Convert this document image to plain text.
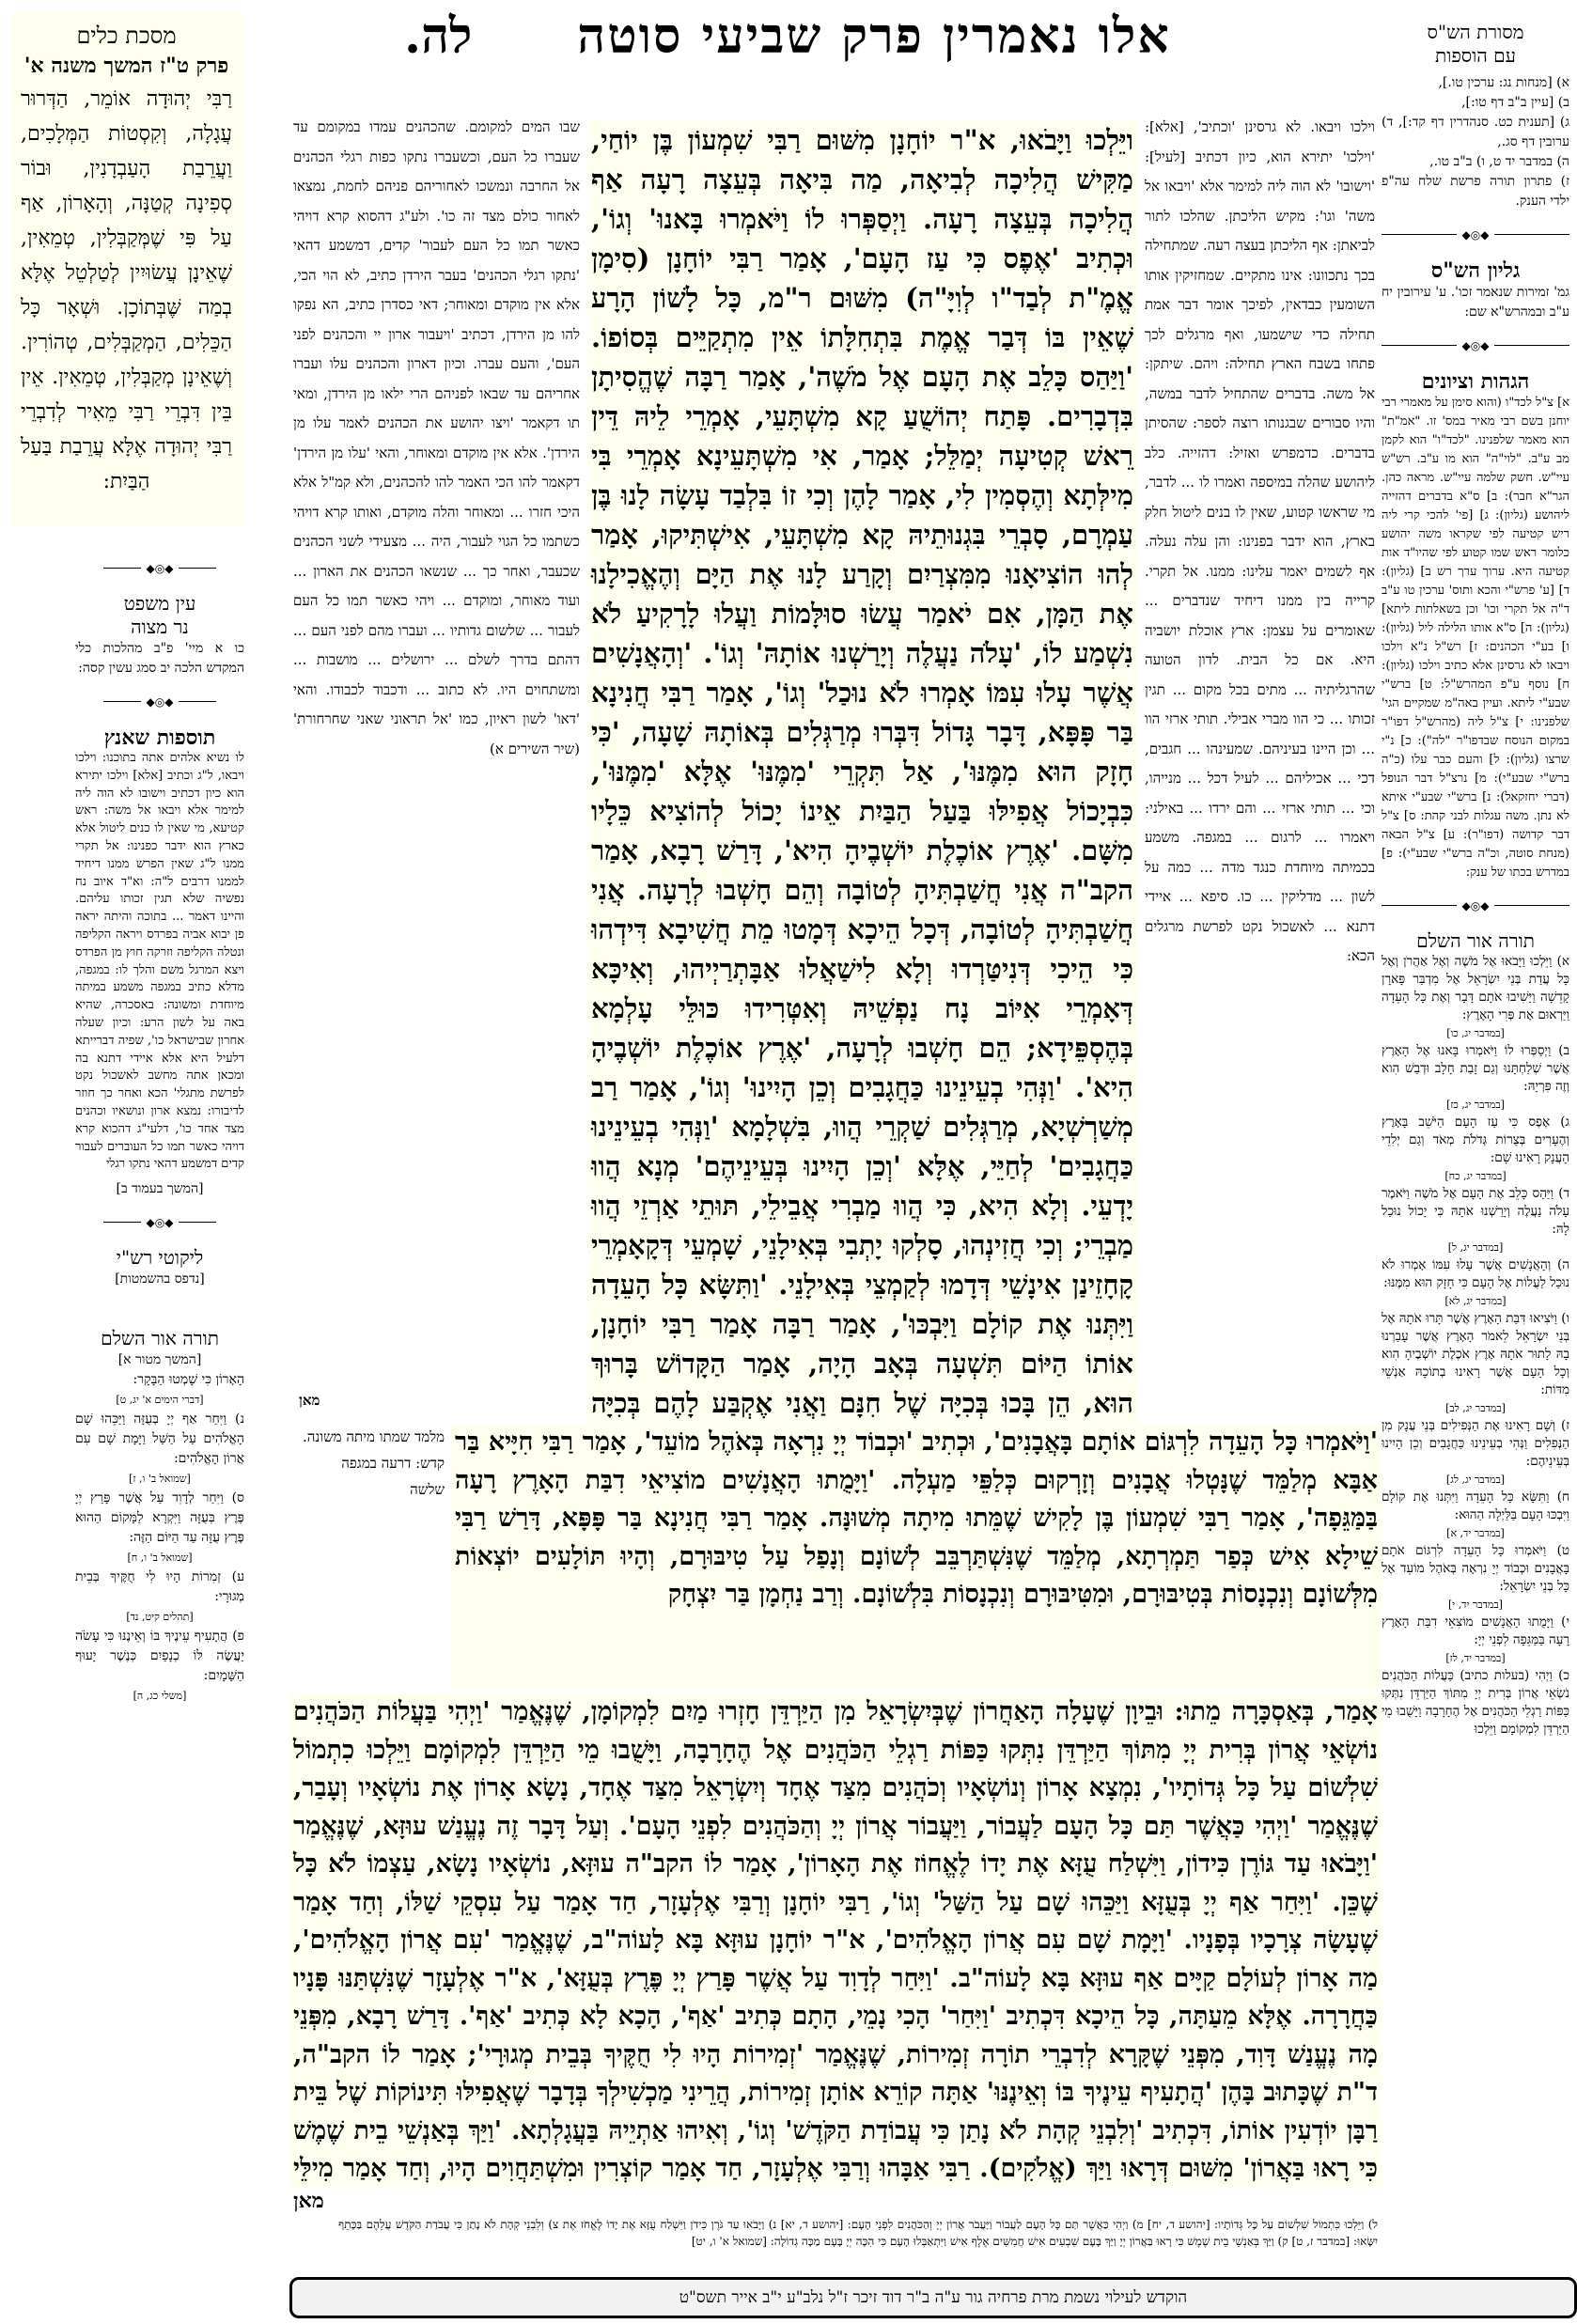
אלו נאמרין פרק שביעי סוטה
לה.	מסורת הש"ס
עם הוספות
א) [מנחות נג: ערכין טו.],
ב) [עיין ב"ב דף טו:],
ג) [תענית כט. סנהדרין דף קד:], ד) ערובין דף סג.,
ה) במדבר יד ט, ו) ב"ב טו.,
ז) פתרון תורה פרשת שלח עה"פ ילדי הענק.
◆◎◆
גליון הש"ס
גמ' זמירות שנאמר זכו'. ע' עירובין יח ע"ב ובמהרש"א שם:
◆◎◆
הגהות וציונים
א] צ"ל לכד"ו (והוא סימן על מאמרי רבי יוחנן בשם רבי מאיר במס' זו. "אמ"ת" הוא מאמר שלפנינו. "לכד"ו" הוא לקמן מב ע"ב. "לוי"ה" הוא מו ע"ב. רש"ש עיי"ש. חשק שלמה עיי"ש. מראה כהן. הגר"א חבר): ב] ס"א בדברים דהזייה ליהושע (גליון): ג] [פי' להכי קרי ליה ריש קטיעה לפי שקראו משה יהושע כלומר ראש שמו קטוע לפי שהיו"ד אות קטיעה היא. ערוך ערך רש ב] (גליון): ד] [ע' פרש"י והכא ותוס' ערכין טו ע"ב ד"ה אל תקרי וכו' וכן בשאלתות ליתא] (גליון): ה] ס"א אותו הלילה ליל (גליון): ו] בע"י הכהנים: ז] רש"ל נ"א וילכו ויבאו לא גרסינן אלא כתיב וילכו (גליון): ח] נוסף ע"פ המהרש"ל: ט] ברש"י שבע"י ליתא. ועיין באה"מ שמקיים הגי' שלפנינו: י] צ"ל ליה (מהרש"ל דפו"ר במקום הנוסח שבדפו"ר "לה"): כ] נ"י שרצו (גליון): ל] והעם כבר עלו (כ"ה ברש"י שבע"י): מ] נרצ"ל דבר הנופל (דברי יחזקאל): נ] ברש"י שבע"י איתא לא נתן. משה עגלות לבני קהת: ס] צ"ל דבר קדושה (דפו"ר): ע] צ"ל הבאה (מנחת סוטה, וכ"ה ברש"י שבע"י): פ] במדרש בכתו של ענק:
◆◎◆
תורה אור השלם
א) וַיֵּלְכוּ וַיָּבֹאוּ אֶל מֹשֶׁה וְאֶל אַהֲרֹן וְאֶל כָּל עֲדַת בְּנֵי יִשְׂרָאֵל אֶל מִדְבַּר פָּארָן קָדֵשָׁה וַיָּשִׁיבוּ אֹתָם דָּבָר וְאֶת כָּל הָעֵדָה וַיַּרְאוּם אֶת פְּרִי הָאָרֶץ:
[במדבר יג, כו]
ב) וַיְסַפְּרוּ לוֹ וַיֹּאמְרוּ בָּאנוּ אֶל הָאָרֶץ אֲשֶׁר שְׁלַחְתָּנוּ וְגַם זָבַת חָלָב וּדְבַשׁ הִוא וְזֶה פִּרְיָהּ:
[במדבר יג, כז]
ג) אֶפֶס כִּי עַז הָעָם הַיֹּשֵׁב בָּאָרֶץ וְהֶעָרִים בְּצֻרוֹת גְּדֹלֹת מְאֹד וְגַם יְלִדֵי הָעֲנָק רָאִינוּ שָׁם:
[במדבר יג, כח]
ד) וַיַּהַס כָּלֵב אֶת הָעָם אֶל מֹשֶׁה וַיֹּאמֶר עָלֹה נַעֲלֶה וְיָרַשְׁנוּ אֹתָהּ כִּי יָכוֹל נוּכַל לָהּ:
[במדבר יג, ל]
ה) וְהָאֲנָשִׁים אֲשֶׁר עָלוּ עִמּוֹ אָמְרוּ לֹא נוּכַל לַעֲלוֹת אֶל הָעָם כִּי חָזָק הוּא מִמֶּנּוּ:
[במדבר יג, לא]
ו) וַיֹּצִיאוּ דִּבַּת הָאָרֶץ אֲשֶׁר תָּרוּ אֹתָהּ אֶל בְּנֵי יִשְׂרָאֵל לֵאמֹר הָאָרֶץ אֲשֶׁר עָבַרְנוּ בָהּ לָתוּר אֹתָהּ אֶרֶץ אֹכֶלֶת יוֹשְׁבֶיהָ הִוא וְכָל הָעָם אֲשֶׁר רָאִינוּ בְתוֹכָהּ אַנְשֵׁי מִדּוֹת:
[במדבר יג, לב]
ז) וְשָׁם רָאִינוּ אֶת הַנְּפִילִים בְּנֵי עֲנָק מִן הַנְּפִלִים וַנְּהִי בְעֵינֵינוּ כַּחֲגָבִים וְכֵן הָיִינוּ בְּעֵינֵיהֶם:
[במדבר יג, לג]
ח) וַתִּשָּׂא כָּל הָעֵדָה וַיִּתְּנוּ אֶת קוֹלָם וַיִּבְכּוּ הָעָם בַּלַּיְלָה הַהוּא:
[במדבר יד, א]
ט) וַיֹּאמְרוּ כָּל הָעֵדָה לִרְגּוֹם אֹתָם בָּאֲבָנִים וּכְבוֹד יְיָ נִרְאָה בְּאֹהֶל מוֹעֵד אֶל כָּל בְּנֵי יִשְׂרָאֵל:
[במדבר יד, י]
י) וַיָּמֻתוּ הָאֲנָשִׁים מוֹצִאֵי דִבַּת הָאָרֶץ רָעָה בַּמַּגֵּפָה לִפְנֵי יְיָ:
[במדבר יד, לז]
כ) וַיְהִי (בעלות כתיב) כַּעֲלוֹת הַכֹּהֲנִים נֹשְׂאֵי אֲרוֹן בְּרִית יְיָ מִתּוֹךְ הַיַּרְדֵּן נִתְּקוּ כַּפּוֹת רַגְלֵי הַכֹּהֲנִים אֶל הֶחָרָבָה וַיָּשֻׁבוּ מֵי הַיַּרְדֵּן לִמְקוֹמָם וַיֵּלְכוּ
וילכו ויבאו. לא גרסינן 'וכתיב', [אלא]: 'וילכו' יתירא הוא, כיון דכתיב [לעיל]: 'וישובו' לא הוה ליה למימר אלא 'ויבאו אל משה' וגו': מקיש הליכתן. שהלכו לתור לביאתן: אף הליכתן בעצה רעה. שמתחילה בכך נתכוונו: אינו מתקיים. שמחזיקין אותו השומעין כבדאין, לפיכך אומר דבר אמת תחילה כדי שישמעו, ואף מרגלים לכך פתחו בשבח הארץ תחילה: ויהם. שיתקן: אל משה. בדברים שהתחיל לדבר במשה, והיו סבורים שבגנותו רוצה לספר: שהסיתן בדברים. כדמפרש ואזיל: דהזייה. כלב ליהושע שהלה במיספה ואמרו לו ... לדבר, מי שראשו קטוע, שאין לו בנים ליטול חלק בארץ, הוא ידבר בפנינו: והן עלה נעלה. אף לשמים יאמר עלינו: ממנו. אל תקרי. קרייה בין ממנו דיחיד שנדברים ... שאומרים על עצמן: ארץ אוכלת יושביה היא. אם כל הבית. לדון הטועה שהרגליתיה ... מתים בכל מקום ... תגין זכותו ... כי הוו מברי אבילי. תותי ארזי הוו ... וכן היינו בעיניהם. שמעינהו ... חגבים, דכי ... אכיליהם ... לעיל דכל ... מנייהו, וכי ... תותי ארזי ... והם ירדו ... באילני: ויאמרו ... לרגום ... במגפה. משמע בכמיתה מיוחדת כנגד מדה ... כמה על לשון ... מדליקין ... כו. סיפא ... איידי דתנא ... לאשכול נקט לפרשת מרגלים הכא:
שבו המים למקומם. שהכהנים עמדו במקומם עד שעברו כל העם, וכשעברו נתקו כפות רגלי הכהנים אל החרבה ונמשכו לאחוריהם פניהם לחמת, נמצאו לאחור כולם מצד זה כו'. ולע"ג דהסוא קרא דויהי כאשר תמו כל העם לעבור' קדים, דמשמע דהאי 'נתקו רגלי הכהנים' בעבר הירדן כתיב, לא הוי הכי, אלא אין מוקדם ומאוחר; דאי כסדרן כתיב, הא נפקו להו מן הירדן, דכתיב 'ויעבור ארון יי והכהנים לפני העם', והעם עברו. וכיון דארון והכהנים עלו ועברו אחריהם עד שבאו לפניהם הרי ילאו מן הירדן, ומאי תו דקאמר 'ויצו יהושע את הכהנים לאמר עלו מן הירדן'. אלא אין מוקדם ומאוחר, והאי 'עלו מן הירדן' דקאמר להו הכי האמר להו להכהנים, ולא קמ"ל אלא היכי חזרו ... ומאוחר והלה מוקדם, ואותו קרא דויהי כשתמו כל הגוי לעבור, היה ... מצעידי לשני הכהנים שכעבר, ואחר כך ... שנשאו הכהנים את הארון ... ועוד מאוחר, ומוקדם ... ויהי כאשר תמו כל העם לעבור ... שלשום גדותיו ... ועברו מהם לפני העם ... דהתם בדרך לשלם ... ירושלים ... מושבות ... ומשתחוים היו. לא כתוב ... ודכבוד לכבודו. והאי 'דאו' לשון ראיון, כמו 'אל תראוני שאני שחרחורת' (שיר השירים א)
מאן
ויֵּלְכוּ וַיָּבֹאוּ, א"ר יוֹחָנָן מִשּׁוּם רַבִּי שִׁמְעוֹן בֶּן יוֹחַי, מַקִּישׁ הֲלִיכָה לְבִיאָה, מַה בִּיאָה בְּעֵצָה רָעָה אַף הֲלִיכָה בְּעֵצָה רָעָה. וַיְסַפְּרוּ לוֹ וַיֹּאמְרוּ בָּאנוּ' וְגוֹ', וּכְתִיב 'אֶפֶס כִּי עַז הָעָם', אָמַר רַבִּי יוֹחָנָן (סִימָן אֱמֶ"ת לְבַד"ו לְוִיָּ"ה) מִשּׁוּם ר"מ, כָּל לָשׁוֹן הָרָע שֶׁאֵין בּוֹ דְּבַר אֱמֶת בִּתְחִלָּתוֹ אֵין מִתְקַיֵּים בְּסוֹפוֹ. 'וַיַּהַס כָּלֵב אֶת הָעָם אֶל מֹשֶׁה', אָמַר רַבָּה שֶׁהֱסִיתָן בִּדְבָרִים. פָּתַח יְהוֹשֻׁעַ קָא מִשְׁתָּעֵי, אָמְרֵי לֵיהּ דֵּין רֵאשׁ קְטִיעָה יְמַלֵּל; אָמַר, אִי מִשְׁתָּעֵינָא אָמְרֵי בִּי מִילְּתָא וְהֶסְמִין לִי, אָמַר לָהֶן וְכִי זוֹ בִּלְבַד עָשָׂה לָנוּ בֶּן עַמְרָם, סָבְרֵי בִּגְנוּתֵיהּ קָא מִשְׁתָּעֵי, אִישְׁתִּיקוּ, אָמַר לְהוּ הוֹצִיאָנוּ מִמִּצְרַיִם וְקָרַע לָנוּ אֶת הַיָּם וְהֶאֱכִילָנוּ אֶת הַמָּן, אִם יֹאמַר עֲשׂוּ סוּלָּמוֹת וַעֲלוּ לָרָקִיעַ לֹא נִשְׁמַע לוֹ, 'עָלֹה נַעֲלֶה וְיָרַשְׁנוּ אוֹתָהּ' וְגוֹ'. 'וְהָאֲנָשִׁים אֲשֶׁר עָלוּ עִמּוֹ אָמְרוּ לֹא נוּכַל' וְגוֹ', אָמַר רַבִּי חֲנִינָא בַּר פָּפָּא, דָּבָר גָּדוֹל דִּבְּרוּ מְרַגְּלִים בְּאוֹתָהּ שָׁעָה, 'כִּי חָזָק הוּא מִמֶּנּוּ', אַל תִּקְרֵי 'מִמֶּנּוּ' אֶלָּא 'מִמֶּנּוּ', כִּבְיָכוֹל אֲפִילּוּ בַּעַל הַבַּיִת אֵינוֹ יָכוֹל לְהוֹצִיא כֵּלָיו מִשָּׁם. 'אֶרֶץ אוֹכֶלֶת יוֹשְׁבֶיהָ הִיא', דָּרַשׁ רָבָא, אָמַר הקב"ה אֲנִי חֲשַׁבְתִּיהָ לְטוֹבָה וְהֵם חָשְׁבוּ לְרָעָה. אֲנִי חֲשַׁבְתִּיהָ לְטוֹבָה, דְּכָל הֵיכָא דְּמָטוּ מֵת חֲשִׁיבָא דִּידְהוּ כִּי הֵיכִי דְּנִיטַּרְדוּ וְלָא לִישַׁאֲלוּ אַבָּתְרַיְיהוּ, וְאִיכָּא דְּאָמְרֵי אִיּוֹב נָח נַפְשֵׁיהּ וְאִטְּרִידוּ כּוּלֵּי עָלְמָא בְּהֶסְפֵּידָא; הֵם חָשְׁבוּ לְרָעָה, 'אֶרֶץ אוֹכֶלֶת יוֹשְׁבֶיהָ הִיא'. 'וַנְּהִי בְעֵינֵינוּ כַּחֲגָבִים וְכֵן הָיִינוּ' וְגוֹ', אָמַר רַב מְשַׁרְשְׁיָא, מְרַגְּלִים שַׁקְרֵי הֲווּ, בִּשְׁלָמָא 'וַנְּהִי בְעֵינֵינוּ כַּחֲגָבִים' לְחַיֵּי, אֶלָּא 'וְכֵן הָיִינוּ בְּעֵינֵיהֶם' מְנָא הֲווּ יָדְעֵי. וְלָא הִיא, כִּי הֲווּ מַבְרִי אֲבֵילֵי, תּוּתֵי אַרְזֵי הֲווּ מַבְרֵי; וְכִי חֲזִינְהוּ, סָלְקוּ יָתְבִי בְּאִילָנֵי, שָׁמְעֵי דְּקָאָמְרֵי קָחָזֵינַן אִינָשֵׁי דְּדָמוּ לְקַמְצֵי בְּאִילָנֵי. 'וַתִּשָּׂא כָּל הָעֵדָה וַיִּתְּנוּ אֶת קוֹלָם וַיִּבְכּוּ', אָמַר רַבָּה אָמַר רַבִּי יוֹחָנָן, אוֹתוֹ הַיּוֹם תִּשְׁעָה בְּאָב הָיָה, אָמַר הַקָּדוֹשׁ בָּרוּךְ הוּא, הֵן בָּכוּ בְּכִיָּה שֶׁל חִנָּם וַאֲנִי אֶקְבַּע לָהֶם בְּכִיָּה
'וַיֹּאמְרוּ כָּל הָעֵדָה לִרְגּוֹם אוֹתָם בָּאֲבָנִים', וּכְתִיב 'וּכְבוֹד יְיָ נִרְאָה בְּאֹהֶל מוֹעֵד', אָמַר רַבִּי חִיָּיא בַּר אַבָּא מְלַמֵּד שֶׁנָּטְלוּ אֲבָנִים וְזָרְקוּם כְּלַפֵּי מַעְלָה. 'וַיָּמֻתוּ הָאֲנָשִׁים מוֹצִיאֵי דִבַּת הָאָרֶץ רָעָה בַּמַּגֵּפָה', אָמַר רַבִּי שִׁמְעוֹן בֶּן לָקִישׁ שֶׁמֵּתוּ מִיתָה מְשׁוּנָּה. אָמַר רַבִּי חֲנִינָא בַּר פָּפָּא, דָּרַשׁ רַבִּי שֵׁילָא אִישׁ כְּפַר תַּמְרְתָא, מְלַמֵּד שֶׁנִּשְׁתַּרְבֵּב לְשׁוֹנָם וְנָפַל עַל טִיבּוּרָם, וְהָיוּ תּוֹלָעִים יוֹצְאוֹת מִלְּשׁוֹנָם וְנִכְנָסוֹת בְּטִיבּוּרָם, וּמִטִּיבּוּרָם וְנִכְנָסוֹת בִּלְשׁוֹנָם. וְרַב נַחְמָן בַּר יִצְחָק
מלמד שמתו מיתה משונה. קדש: דרעה במגפה
שלשה
אָמַר, בְּאַסְכָּרָה מֵתוּ: וּבֵיוָן שֶׁעָלָה הָאַחֲרוֹן שֶׁבְּיִשְׂרָאֵל מִן הַיַּרְדֵּן חָזְרוּ מַיִם לִמְקוֹמָן, שֶׁנֶּאֱמַר 'וַיְהִי בַּעֲלוֹת הַכֹּהֲנִים נוֹשְׂאֵי אֲרוֹן בְּרִית יְיָ מִתּוֹךְ הַיַּרְדֵּן נִתְּקוּ כַּפּוֹת רַגְלֵי הַכֹּהֲנִים אֶל הֶחָרָבָה, וַיָּשֻׁבוּ מֵי הַיַּרְדֵּן לִמְקוֹמָם וַיֵּלְכוּ כִתְמוֹל שִׁלְשׁוֹם עַל כָּל גְּדוֹתָיו', נִמְצָא אָרוֹן וְנוֹשְׂאָיו וְכֹהֲנִים מִצַּד אֶחָד וְיִשְׂרָאֵל מִצַּד אֶחָד, נָשָׂא אָרוֹן אֶת נוֹשְׂאָיו וְעָבַר, שֶׁנֶּאֱמַר 'וַיְהִי כַּאֲשֶׁר תַּם כָּל הָעָם לַעֲבוֹר, וַיַּעֲבוֹר אֲרוֹן יְיָ וְהַכֹּהֲנִים לִפְנֵי הָעָם'. וְעַל דָּבָר זֶה נֶעֱנַשׁ עוּזָּא, שֶׁנֶּאֱמַר 'וַיָּבֹאוּ עַד גּוֹרֶן כִּידוֹן, וַיִּשְׁלַח עֻזָּא אֶת יָדוֹ לֶאֱחוֹז אֶת הָאָרוֹן', אָמַר לוֹ הקב"ה עוּזָּא, נוֹשְׂאָיו נָשָׂא, עַצְמוֹ לֹא כָּל שֶׁכֵּן. 'וַיִּחַר אַף יְיָ בְּעֻזָּא וַיַּכֵּהוּ שָׁם עַל הַשַּׁל' וְגוֹ', רַבִּי יוֹחָנָן וְרַבִּי אֶלְעָזָר, חַד אָמַר עַל עִסְקֵי שַׁלּוֹ, וְחַד אָמַר שֶׁעָשָׂה צְרָכָיו בְּפָנָיו. 'וַיָּמָת שָׁם עִם אֲרוֹן הָאֱלֹהִים', א"ר יוֹחָנָן עוּזָּא בָּא לָעוֹה"ב, שֶׁנֶּאֱמַר 'עִם אֲרוֹן הָאֱלֹהִים', מַה אָרוֹן לְעוֹלָם קַיָּים אַף עוּזָּא בָּא לָעוֹה"ב. 'וַיִּחַר לְדָוִד עַל אֲשֶׁר פָּרַץ יְיָ פֶּרֶץ בְּעֻזָּא', א"ר אֶלְעָזָר שֶׁנִּשְׁתַּנּוּ פָּנָיו כַּחֲרָרָה. אֶלָּא מֵעַתָּה, כָּל הֵיכָא דִּכְתִיב 'וַיִּחַר' הָכִי נָמֵי, הָתָם כְּתִיב 'אַף', הָכָא לָא כְּתִיב 'אַף'. דָּרַשׁ רָבָא, מִפְּנֵי מָה נֶעֱנַשׁ דָּוִד, מִפְּנֵי שֶׁקָּרָא לְדִבְרֵי תוֹרָה זְמִירוֹת, שֶׁנֶּאֱמַר 'זְמִירוֹת הָיוּ לִי חֻקֶּיךָ בְּבֵית מְגוּרָי'; אָמַר לוֹ הקב"ה, ד"ת שֶׁכָּתוּב בָּהֶן 'הֲתָעִיף עֵינֶיךָ בּוֹ וְאֵינֶנּוּ' אַתָּה קוֹרֵא אוֹתָן זְמִירוֹת, הֲרֵינִי מַכְשִׁילְךָ בְּדָבָר שֶׁאֲפִילּוּ תִּינוֹקוֹת שֶׁל בֵּית רַבָּן יוֹדְעִין אוֹתוֹ, דִּכְתִיב 'וְלִבְנֵי קְהָת לֹא נָתַן כִּי עֲבוֹדַת הַקֹּדֶשׁ' וְגוֹ', וְאִיהוּ אַתְיֵיהּ בַּעֲגָלְתָא. 'וַיַּךְ בְּאַנְשֵׁי בֵית שֶׁמֶשׁ כִּי רָאוּ בַּאֲרוֹן' מִשּׁוּם דְּרָאוּ וַיַּךְ (אֱלֹקִים). רַבִּי אַבָּהוּ וְרַבִּי אֶלְעָזָר, חַד אָמַר קוֹצְרִין וּמִשְׁתַּחֲוִים הָיוּ, וְחַד אָמַר מִילֵּי
מאן
ל) וַיֵּלְכוּ כִּתְמוֹל שִׁלְשׁוֹם עַל כָּל גְּדוֹתָיו: [יהושע ד, יח] מ) וַיְהִי כַּאֲשֶׁר תַּם כָּל הָעָם לַעֲבוֹר וַיַּעֲבֹר אֲרוֹן יְיָ וְהַכֹּהֲנִים לִפְנֵי הָעָם: [יהושע ד, יא] נ) וַיָּבֹאוּ עַד גֹּרֶן כִּידֹן וַיִּשְׁלַח עֻזָּא אֶת יָדוֹ לֶאֱחֹז אֶת צ) וְלִבְנֵי קְהָת לֹא נָתַן כִּי עֲבֹדַת הַקֹּדֶשׁ עֲלֵהֶם בַּכָּתֵף יִשָּׂאוּ: [במדבר ז, ט] ק) וַיַּךְ בְּאַנְשֵׁי בֵית שֶׁמֶשׁ כִּי רָאוּ בַּאֲרוֹן יְיָ וַיַּךְ בָּעָם שִׁבְעִים אִישׁ חֲמִשִּׁים אֶלֶף אִישׁ וַיִּתְאַבְּלוּ הָעָם כִּי הִכָּה יְיָ בָּעָם מַכָּה גְדוֹלָה: [שמואל א' ו, יט]
מסכת כלים
פרק ט"ז המשך משנה א'
רַבִּי יְהוּדָה אוֹמֵר, הַדְּרוּר עֲגָלָה, וְקִסְטוֹת הַמְּלָכִים, וַעֲרֵבַת הָעַבְדָנִין, וּבוֹר סְפִינָה קְטַנָּה, וְהָאָרוֹן, אַף עַל פִּי שֶׁמְּקַבְּלִין, טְמֵאִין, שֶׁאֵינָן עֲשׂוּיִין לְטַלְטֵל אֶלָּא בְמַה שֶּׁבְּתוֹכָן. וּשְׁאָר כָּל הַכֵּלִים, הַמְקַבְּלִים, טְהוֹרִין. וְשֶׁאֵינָן מְקַבְּלִין, טְמֵאִין. אֵין בֵּין דִּבְרֵי רַבִּי מֵאִיר לְדִבְרֵי רַבִּי יְהוּדָה אֶלָּא עֲרֵבַת בַּעַל הַבַּיִת:
◆◎◆
עין משפט
נר מצוה
כו א מיי' פ"ב מהלכות כלי המקדש הלכה יב סמג עשין קסה:
◆◎◆
תוספות שאנץ
לו נשיא אלהים אתה בתוכנו: וילכו ויבאו, ל"ג וכתיב [אלא] וילכו יתירא הוא כיון דכתיב וישובו לא הוה ליה למימר אלא ויבאו אל משה: ראש קטיעא, מי שאין לו כנים ליטול אלא כארץ הוא ידבר כפנינו: אל תקרי ממנו ל"ג שאין הפרש ממנו דיחיד לממנו דרבים ל"ה: וא"ד איוב נח נפשיה שלא תגין זכותו עליהם. והיינו דאמר ... בתוכה והיתה יראה פן יבוא אביה בפרדס ויראה הקליפה ונטלה הקליפה וזרקה חוץ מן הפרדס ויצא המרגל משם והלך לו: במגפה, מדלא כתיב במגפה משמע במיתה מיוחדת ומשונה: באסכרה, שהיא באה על לשון הרע: וכיון שעלה אחרון שבישראל כו', שפיה דברייתא דלעיל היא אלא איידי דתנא בה ומכאן אתה מחשב לאשכול נקט לפרשת מתגלי' הכא ואחר כך חוזר לדיבורו: נמצא ארון ונושאיו וכהנים מצד אחד כו', דלעי"ג דהכוא קרא דויהי כאשר תמו כל העוברים לעבור קדים דמשמע דהאי נתקו רגלי
[המשך בעמוד ב]
◆◎◆
ליקוטי רש"י
[נדפס בהשמטות]
תורה אור השלם
[המשך מטור א]
הָאָרוֹן כִּי שָׁמְטוּ הַבָּקָר:
[דברי הימים א' יג, ט]
נ) וַיִּחַר אַף יְיָ בְּעֻזָּה וַיַּכֵּהוּ שָׁם הָאֱלֹהִים עַל הַשַּׁל וַיָּמָת שָׁם עִם אֲרוֹן הָאֱלֹהִים:
[שמואל ב' ו, ז]
ס) וַיִּחַר לְדָוִד עַל אֲשֶׁר פָּרַץ יְיָ פֶּרֶץ בְּעֻזָּה וַיִּקְרָא לַמָּקוֹם הַהוּא פֶּרֶץ עֻזָּה עַד הַיּוֹם הַזֶּה:
[שמואל ב' ו, ח]
ע) זְמִרוֹת הָיוּ לִי חֻקֶּיךָ בְּבֵית מְגוּרָי:
[תהלים קיט, נד]
פ) הֲתָעִיף עֵינֶיךָ בּוֹ וְאֵינֶנּוּ כִּי עָשֹׂה יַעֲשֶׂה לּוֹ כְנָפַיִם כְּנֶשֶׁר יָעוּף הַשָּׁמָיִם:
[משלי כג, ה]
הוקדש לעילוי נשמת מרת פרחיה גור ע"ה ב"ר דוד זיכר ז"ל נלב"ע י"ב אייר תשס"ט
